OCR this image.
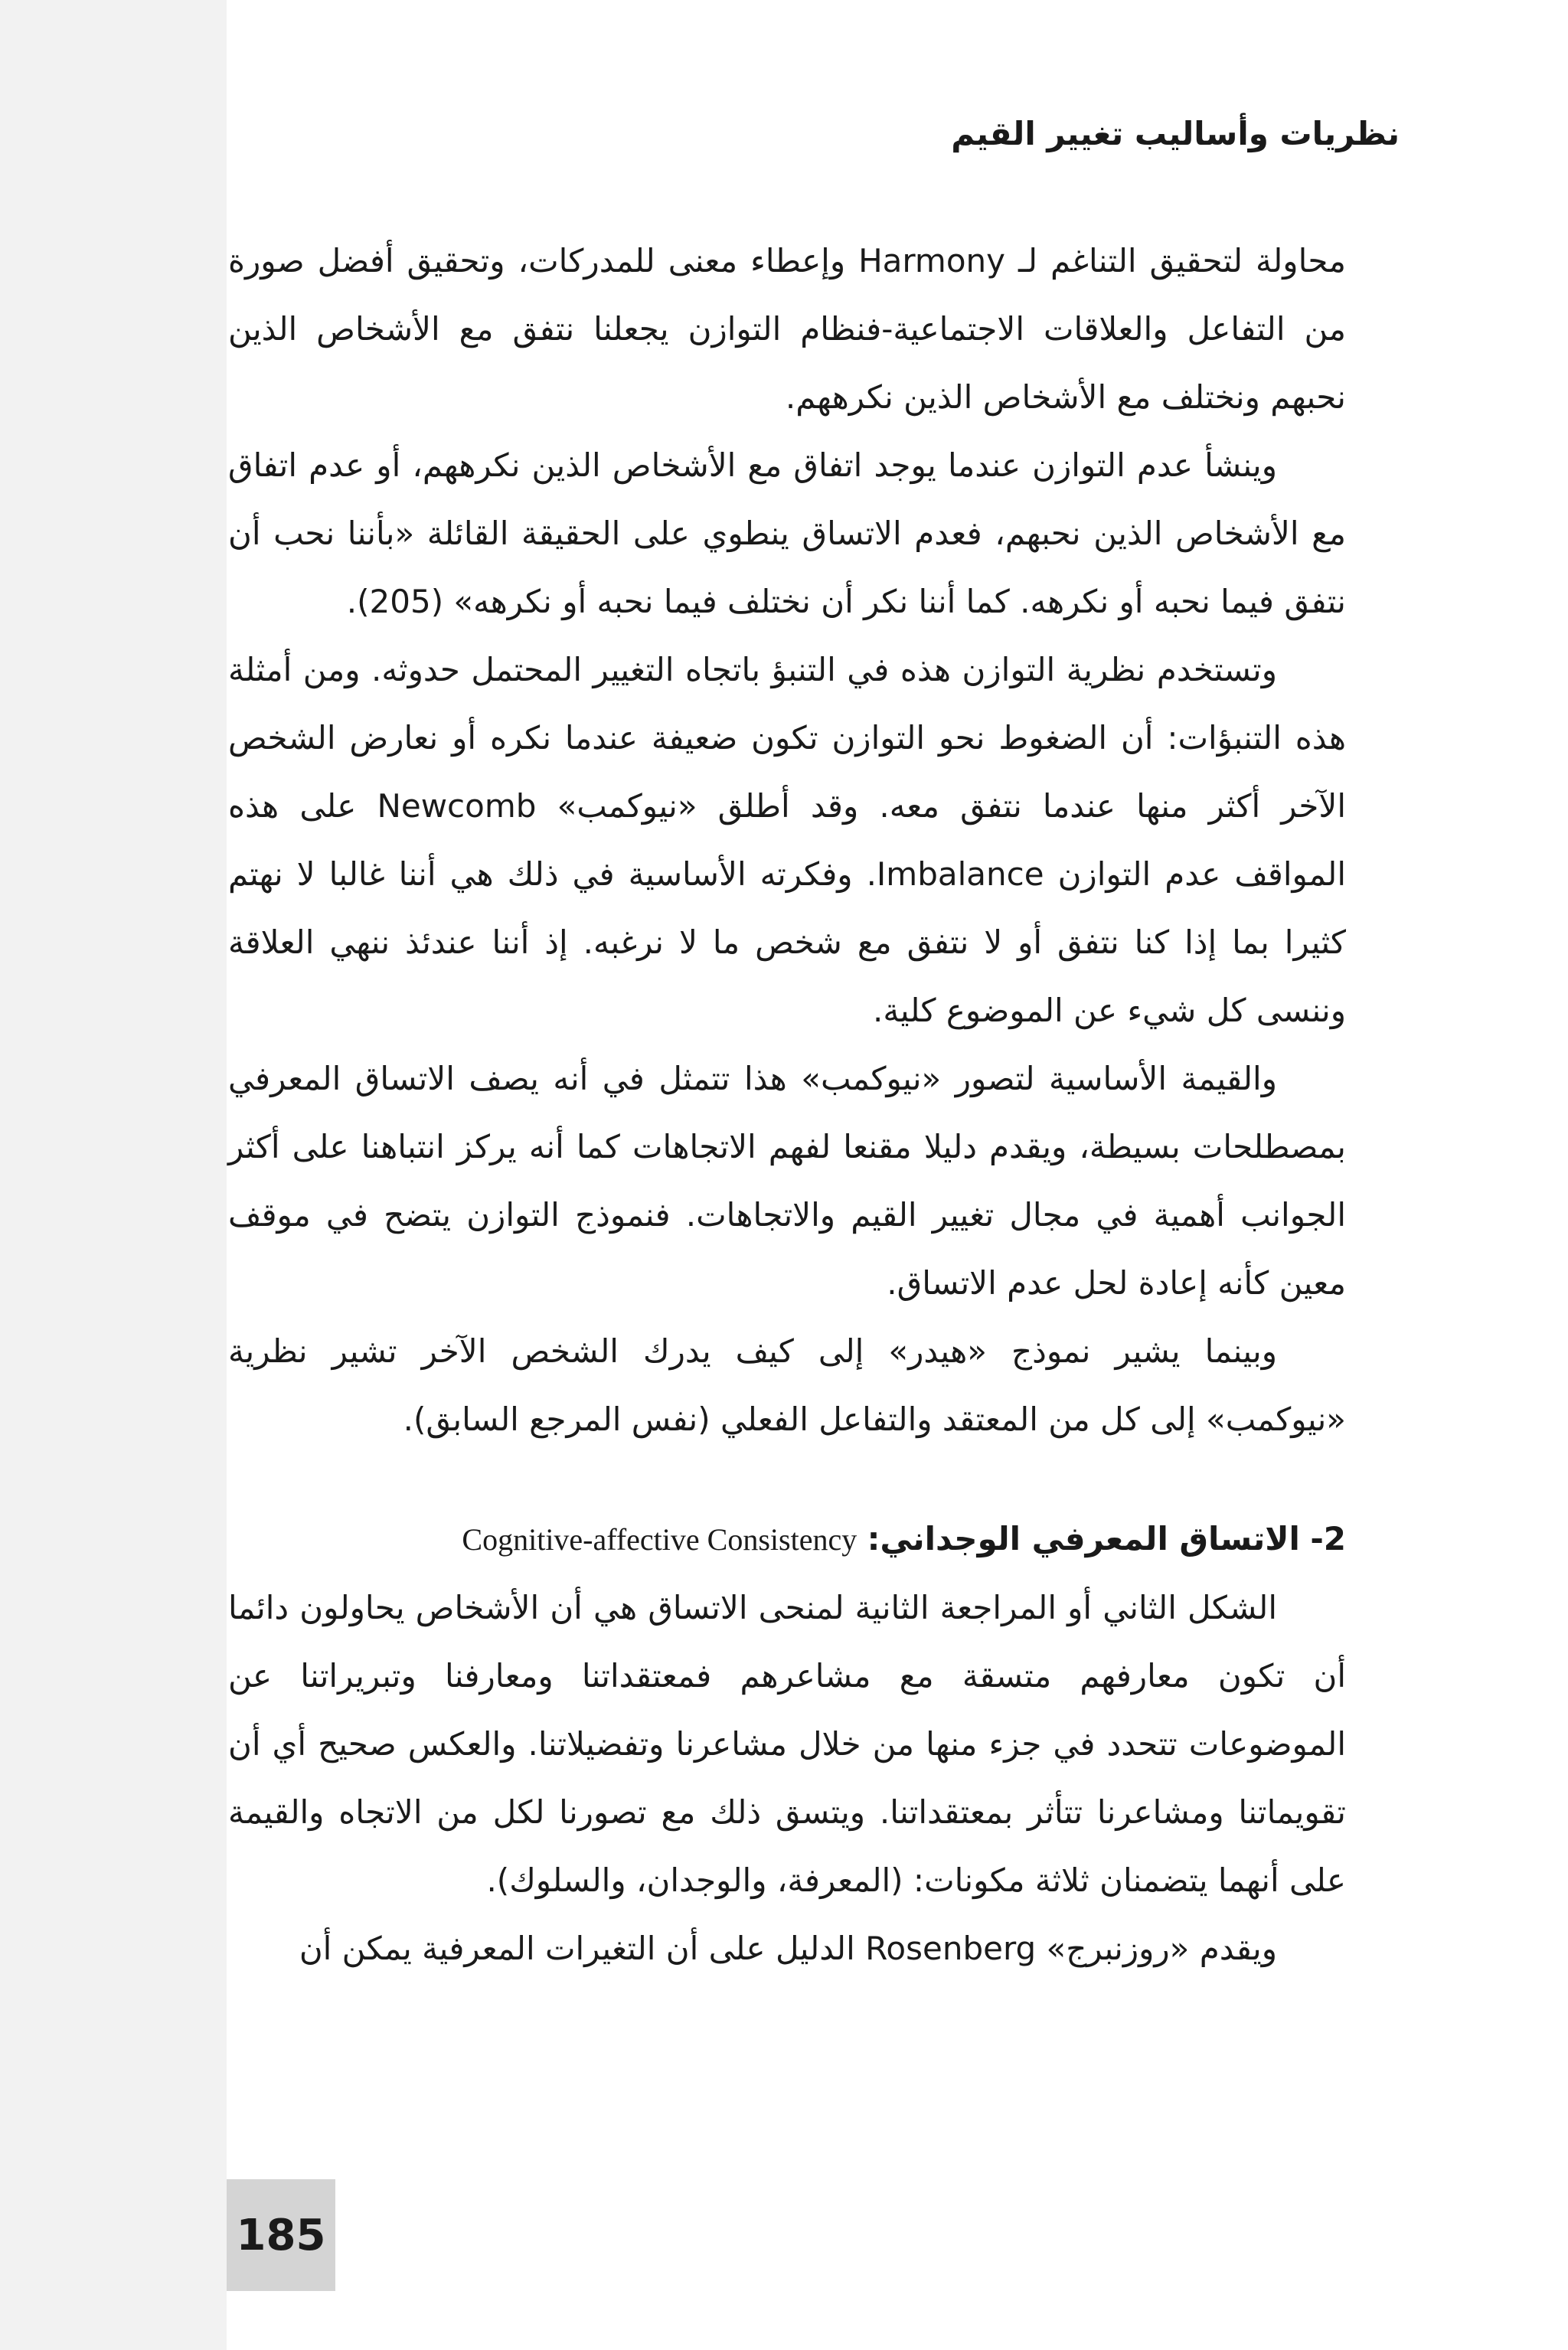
نظريات وأساليب تغيير القيم

محاولة لتحقيق التناغم لـ Harmony وإعطاء معنى للمدركات، وتحقيق أفضل صورة من التفاعل والعلاقات الاجتماعية-فنظام التوازن يجعلنا نتفق مع الأشخاص الذين نحبهم ونختلف مع الأشخاص الذين نكرههم.

وينشأ عدم التوازن عندما يوجد اتفاق مع الأشخاص الذين نكرههم، أو عدم اتفاق مع الأشخاص الذين نحبهم، فعدم الاتساق ينطوي على الحقيقة القائلة «بأننا نحب أن نتفق فيما نحبه أو نكرهه. كما أننا نكر أن نختلف فيما نحبه أو نكرهه» (205).

وتستخدم نظرية التوازن هذه في التنبؤ باتجاه التغيير المحتمل حدوثه. ومن أمثلة هذه التنبؤات: أن الضغوط نحو التوازن تكون ضعيفة عندما نكره أو نعارض الشخص الآخر أكثر منها عندما نتفق معه. وقد أطلق «نيوكمب» Newcomb على هذه المواقف عدم التوازن Imbalance. وفكرته الأساسية في ذلك هي أننا غالبا لا نهتم كثيرا بما إذا كنا نتفق أو لا نتفق مع شخص ما لا نرغبه. إذ أننا عندئذ ننهي العلاقة وننسى كل شيء عن الموضوع كلية.

والقيمة الأساسية لتصور «نيوكمب» هذا تتمثل في أنه يصف الاتساق المعرفي بمصطلحات بسيطة، ويقدم دليلا مقنعا لفهم الاتجاهات كما أنه يركز انتباهنا على أكثر الجوانب أهمية في مجال تغيير القيم والاتجاهات. فنموذج التوازن يتضح في موقف معين كأنه إعادة لحل عدم الاتساق.

وبينما يشير نموذج «هيدر» إلى كيف يدرك الشخص الآخر تشير نظرية «نيوكمب» إلى كل من المعتقد والتفاعل الفعلي (نفس المرجع السابق).

2- الاتساق المعرفي الوجداني: Cognitive-affective Consistency

الشكل الثاني أو المراجعة الثانية لمنحى الاتساق هي أن الأشخاص يحاولون دائما أن تكون معارفهم متسقة مع مشاعرهم فمعتقداتنا ومعارفنا وتبريراتنا عن الموضوعات تتحدد في جزء منها من خلال مشاعرنا وتفضيلاتنا. والعكس صحيح أي أن تقويماتنا ومشاعرنا تتأثر بمعتقداتنا. ويتسق ذلك مع تصورنا لكل من الاتجاه والقيمة على أنهما يتضمنان ثلاثة مكونات: (المعرفة، والوجدان، والسلوك).

ويقدم «روزنبرج» Rosenberg الدليل على أن التغيرات المعرفية يمكن أن

185
